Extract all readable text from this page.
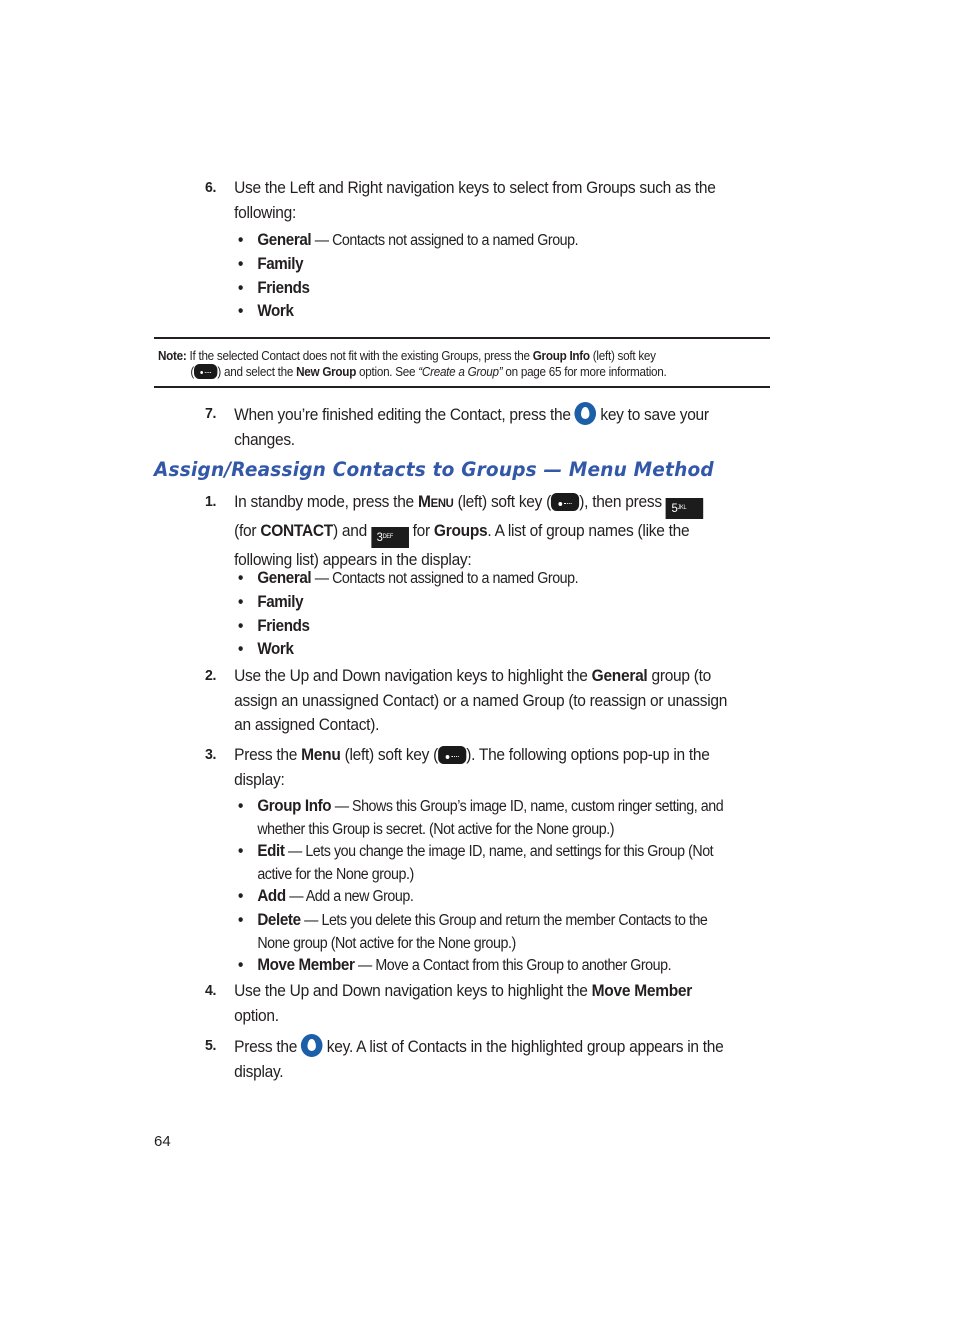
6. Use the Left and Right navigation keys to select from Groups such as the
following:
• General — Contacts not assigned to a named Group.
• Family
• Friends
• Work
Note: If the selected Contact does not fit with the existing Groups, press the Group Info (left) soft key
( ) and select the New Group option. See “Create a Group” on page 65 for more information.
7. When you’re finished editing the Contact, press the  key to save your
changes.
Assign/Reassign Contacts to Groups — Menu Method
1. In standby mode, press the Menu (left) soft key ( ), then press $5^{JKL}$
(for CONTACT) and $3^{DEF}$ for Groups. A list of group names (like the
following list) appears in the display:
• General — Contacts not assigned to a named Group.
• Family
• Friends
• Work
2. Use the Up and Down navigation keys to highlight the General group (to
assign an unassigned Contact) or a named Group (to reassign or unassign
an assigned Contact).
3. Press the Menu (left) soft key ( ). The following options pop-up in the
display:
• Group Info — Shows this Group’s image ID, name, custom ringer setting, and
whether this Group is secret. (Not active for the None group.)
• Edit — Lets you change the image ID, name, and settings for this Group (Not
active for the None group.)
• Add — Add a new Group.
• Delete — Lets you delete this Group and return the member Contacts to the
None group (Not active for the None group.)
• Move Member — Move a Contact from this Group to another Group.
4. Use the Up and Down navigation keys to highlight the Move Member
option.
5. Press the  key. A list of Contacts in the highlighted group appears in the
display.
64
